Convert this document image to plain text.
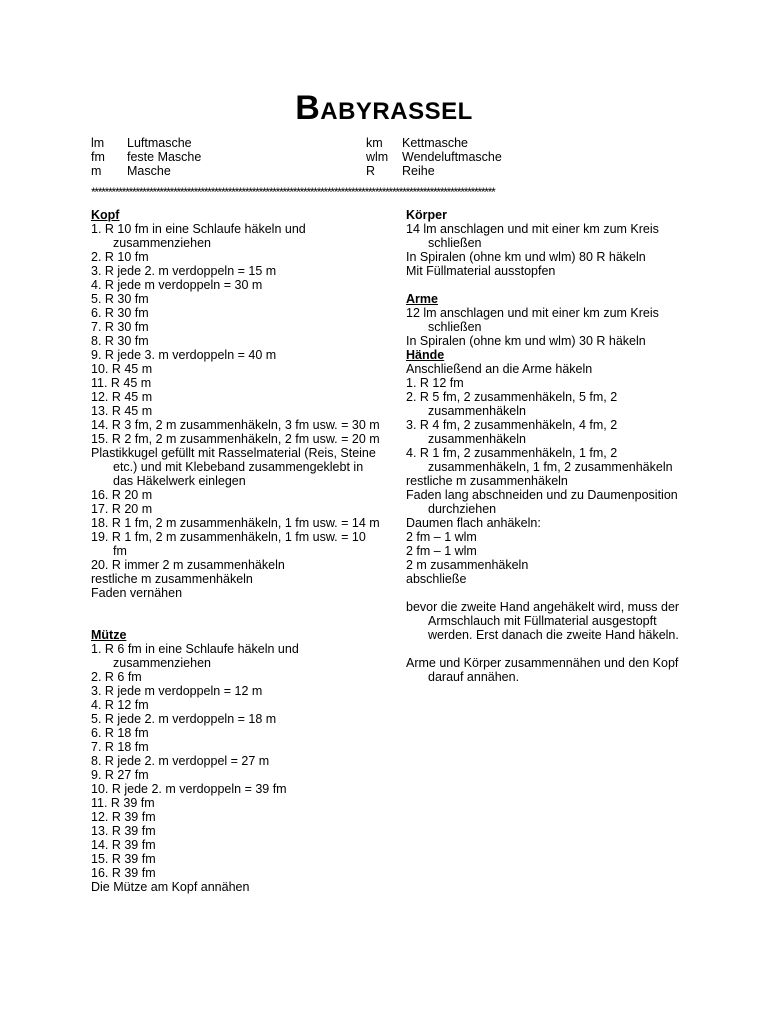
Babyrassel
lm	Luftmasche
fm	feste Masche
m	Masche
km	Kettmasche
wlm	Wendeluftmasche
R	Reihe
**********************************************************************************************************************
Kopf

1. R 10 fm in eine Schlaufe häkeln und zusammenziehen

2. R 10 fm

3. R jede 2. m verdoppeln = 15 m

4. R jede m verdoppeln = 30 m

5. R 30 fm

6. R 30 fm

7. R 30 fm

8. R 30 fm

9. R jede 3. m verdoppeln = 40 m

10. R 45 m

11. R 45 m

12. R 45 m

13. R 45 m

14. R 3 fm, 2 m zusammenhäkeln, 3 fm usw. = 30 m

15. R 2 fm, 2 m zusammenhäkeln, 2 fm usw. = 20 m

Plastikkugel gefüllt mit Rasselmaterial (Reis, Steine etc.) und mit Klebeband zusammengeklebt in das Häkelwerk einlegen

16. R 20 m

17. R 20 m

18. R 1 fm, 2 m zusammenhäkeln, 1 fm usw. = 14 m

19. R 1 fm, 2 m zusammenhäkeln, 1 fm usw. = 10 fm

20. R immer 2 m zusammenhäkeln

restliche m zusammenhäkeln

Faden vernähen

Mütze

1. R 6 fm in eine Schlaufe häkeln und zusammenziehen

2. R 6 fm

3. R jede m verdoppeln = 12 m

4. R 12 fm

5. R jede 2. m verdoppeln = 18 m

6. R 18 fm

7. R 18 fm

8. R jede 2. m verdoppel = 27 m

9. R 27 fm

10. R jede 2. m verdoppeln = 39 fm

11. R 39 fm

12. R 39 fm

13. R 39 fm

14. R 39 fm

15. R 39 fm

16. R 39 fm

Die Mütze am Kopf annähen

Körper

14 lm anschlagen und mit einer km zum Kreis schließen

In Spiralen (ohne km und wlm) 80 R häkeln

Mit Füllmaterial ausstopfen

Arme

12 lm anschlagen und mit einer km zum Kreis schließen

In Spiralen (ohne km und wlm) 30 R häkeln

Hände

Anschließend an die Arme häkeln

1. R 12 fm

2. R 5 fm, 2 zusammenhäkeln, 5 fm, 2 zusammenhäkeln

3. R 4 fm, 2 zusammenhäkeln, 4 fm, 2 zusammenhäkeln

4. R 1 fm, 2 zusammenhäkeln, 1 fm, 2 zusammenhäkeln, 1 fm, 2 zusammenhäkeln

restliche m zusammenhäkeln

Faden lang abschneiden und zu Daumenposition durchziehen

Daumen flach anhäkeln:

2 fm – 1 wlm

2 fm – 1 wlm

2 m zusammenhäkeln

abschließe

bevor die zweite Hand angehäkelt wird, muss der Armschlauch mit Füllmaterial ausgestopft werden. Erst danach die zweite Hand häkeln.

Arme und Körper zusammennähen und den Kopf darauf annähen.
